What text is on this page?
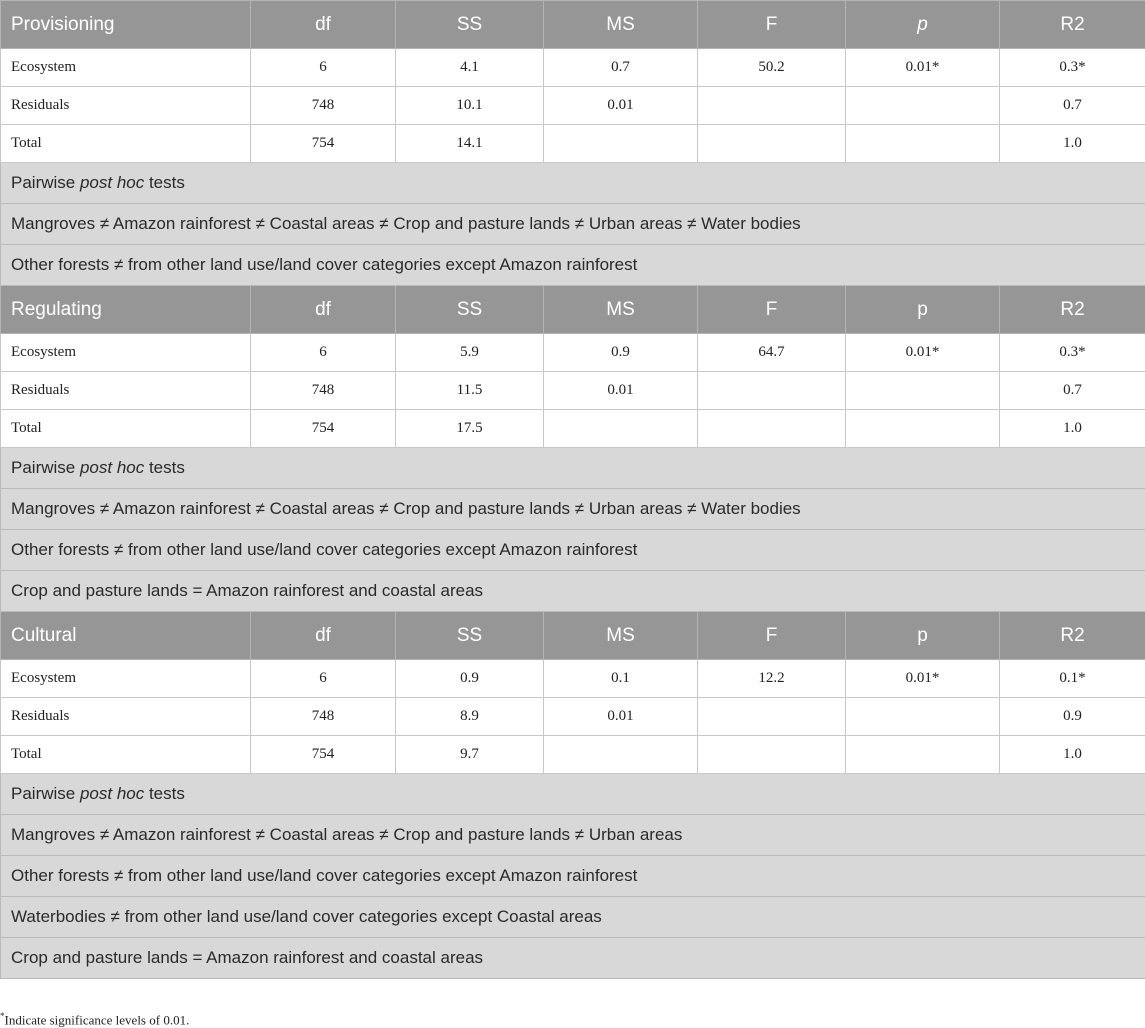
Provisioning	df	SS	MS	F	p	R2
Ecosystem	6	4.1	0.7	50.2	0.01*	0.3*
Residuals	748	10.1	0.01			0.7
Total	754	14.1				1.0
Pairwise post hoc tests						
Mangroves ≠ Amazon rainforest ≠ Coastal areas ≠ Crop and pasture lands ≠ Urban areas ≠ Water bodies						
Other forests ≠ from other land use/land cover categories except Amazon rainforest						
Regulating	df	SS	MS	F	p	R2
Ecosystem	6	5.9	0.9	64.7	0.01*	0.3*
Residuals	748	11.5	0.01			0.7
Total	754	17.5				1.0
Pairwise post hoc tests						
Mangroves ≠ Amazon rainforest ≠ Coastal areas ≠ Crop and pasture lands ≠ Urban areas ≠ Water bodies						
Other forests ≠ from other land use/land cover categories except Amazon rainforest						
Crop and pasture lands = Amazon rainforest and coastal areas						
Cultural	df	SS	MS	F	p	R2
Ecosystem	6	0.9	0.1	12.2	0.01*	0.1*
Residuals	748	8.9	0.01			0.9
Total	754	9.7				1.0
Pairwise post hoc tests						
Mangroves ≠ Amazon rainforest ≠ Coastal areas ≠ Crop and pasture lands ≠ Urban areas						
Other forests ≠ from other land use/land cover categories except Amazon rainforest						
Waterbodies ≠ from other land use/land cover categories except Coastal areas						
Crop and pasture lands = Amazon rainforest and coastal areas						
*Indicate significance levels of 0.01.
